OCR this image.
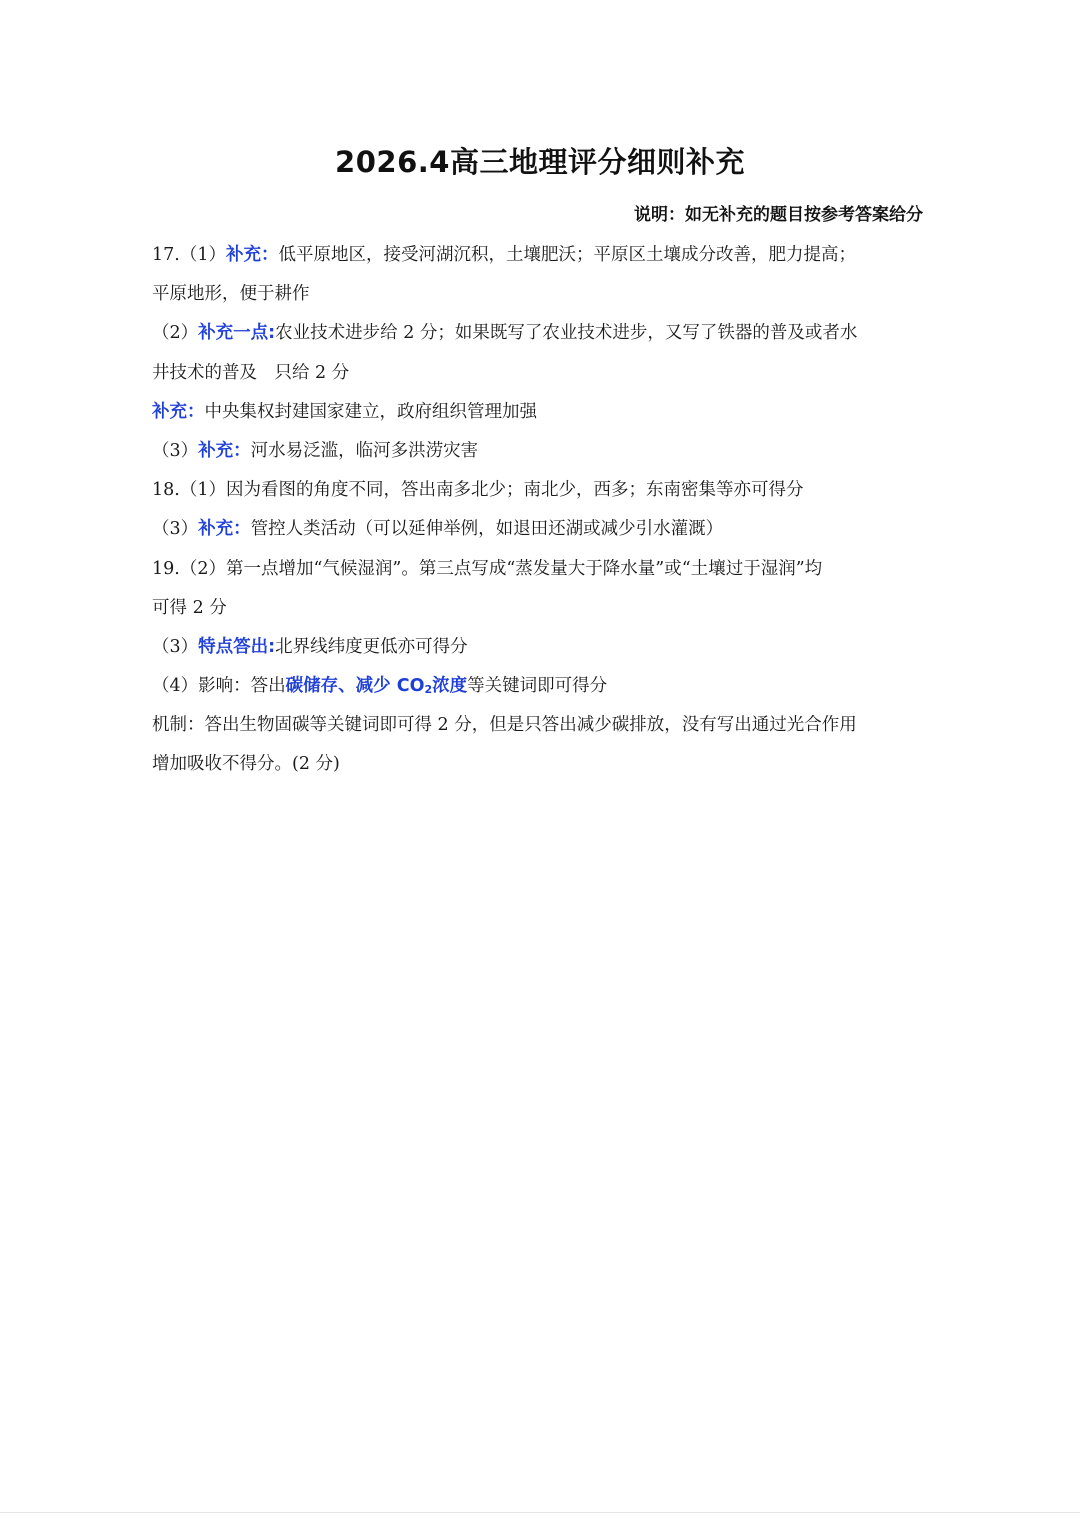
2026.4高三地理评分细则补充
说明：如无补充的题目按参考答案给分
17.（1）补充：低平原地区，接受河湖沉积，土壤肥沃；平原区土壤成分改善，肥力提高；
平原地形，便于耕作
（2）补充一点:农业技术进步给 2 分；如果既写了农业技术进步，又写了铁器的普及或者水
井技术的普及　只给 2 分
补充：中央集权封建国家建立，政府组织管理加强
（3）补充：河水易泛滥，临河多洪涝灾害
18.（1）因为看图的角度不同，答出南多北少；南北少，西多；东南密集等亦可得分
（3）补充：管控人类活动（可以延伸举例，如退田还湖或减少引水灌溉）
19.（2）第一点增加“气候湿润”。第三点写成“蒸发量大于降水量”或“土壤过于湿润”均
可得 2 分
（3）特点答出:北界线纬度更低亦可得分
（4）影响：答出碳储存、减少 $CO_2$浓度等关键词即可得分
机制：答出生物固碳等关键词即可得 2 分，但是只答出减少碳排放，没有写出通过光合作用
增加吸收不得分。(2 分)
